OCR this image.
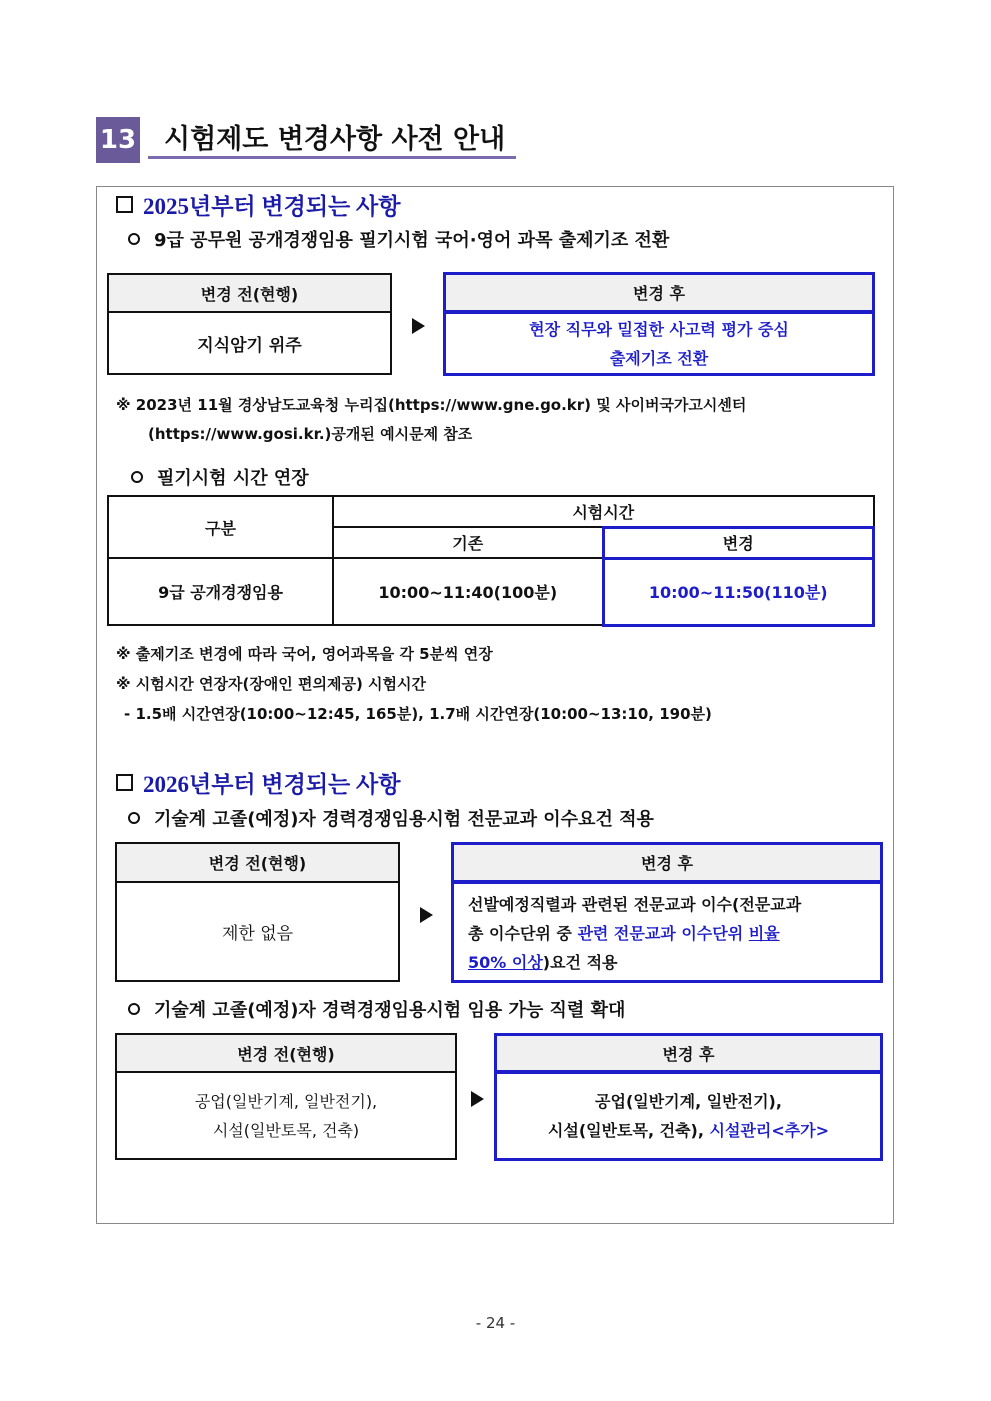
13	시험제도 변경사항 사전 안내
2025년부터 변경되는 사항
9급 공무원 공개경쟁임용 필기시험 국어·영어 과목 출제기조 전환
변경 전(현행)
지식암기 위주
변경 후
현장 직무와 밀접한 사고력 평가 중심
출제기조 전환
※ 2023년 11월 경상남도교육청 누리집(https://www.gne.go.kr) 및 사이버국가고시센터
(https://www.gosi.kr.)공개된 예시문제 참조
필기시험 시간 연장
구분	시험시간	
	기존	변경
9급 공개경쟁임용	10:00~11:40(100분)	10:00~11:50(110분)
※ 출제기조 변경에 따라 국어, 영어과목을 각 5분씩 연장
※ 시험시간 연장자(장애인 편의제공) 시험시간
- 1.5배 시간연장(10:00~12:45, 165분), 1.7배 시간연장(10:00~13:10, 190분)
2026년부터 변경되는 사항
기술계 고졸(예정)자 경력경쟁임용시험 전문교과 이수요건 적용
변경 전(현행)
제한 없음
변경 후
선발예정직렬과 관련된 전문교과 이수(전문교과
총 이수단위 중 관련 전문교과 이수단위 비율
50% 이상)요건 적용
기술계 고졸(예정)자 경력경쟁임용시험 임용 가능 직렬 확대
변경 전(현행)
공업(일반기계, 일반전기),
시설(일반토목, 건축)
변경 후
공업(일반기계, 일반전기),
시설(일반토목, 건축), 시설관리<추가>
- 24 -
